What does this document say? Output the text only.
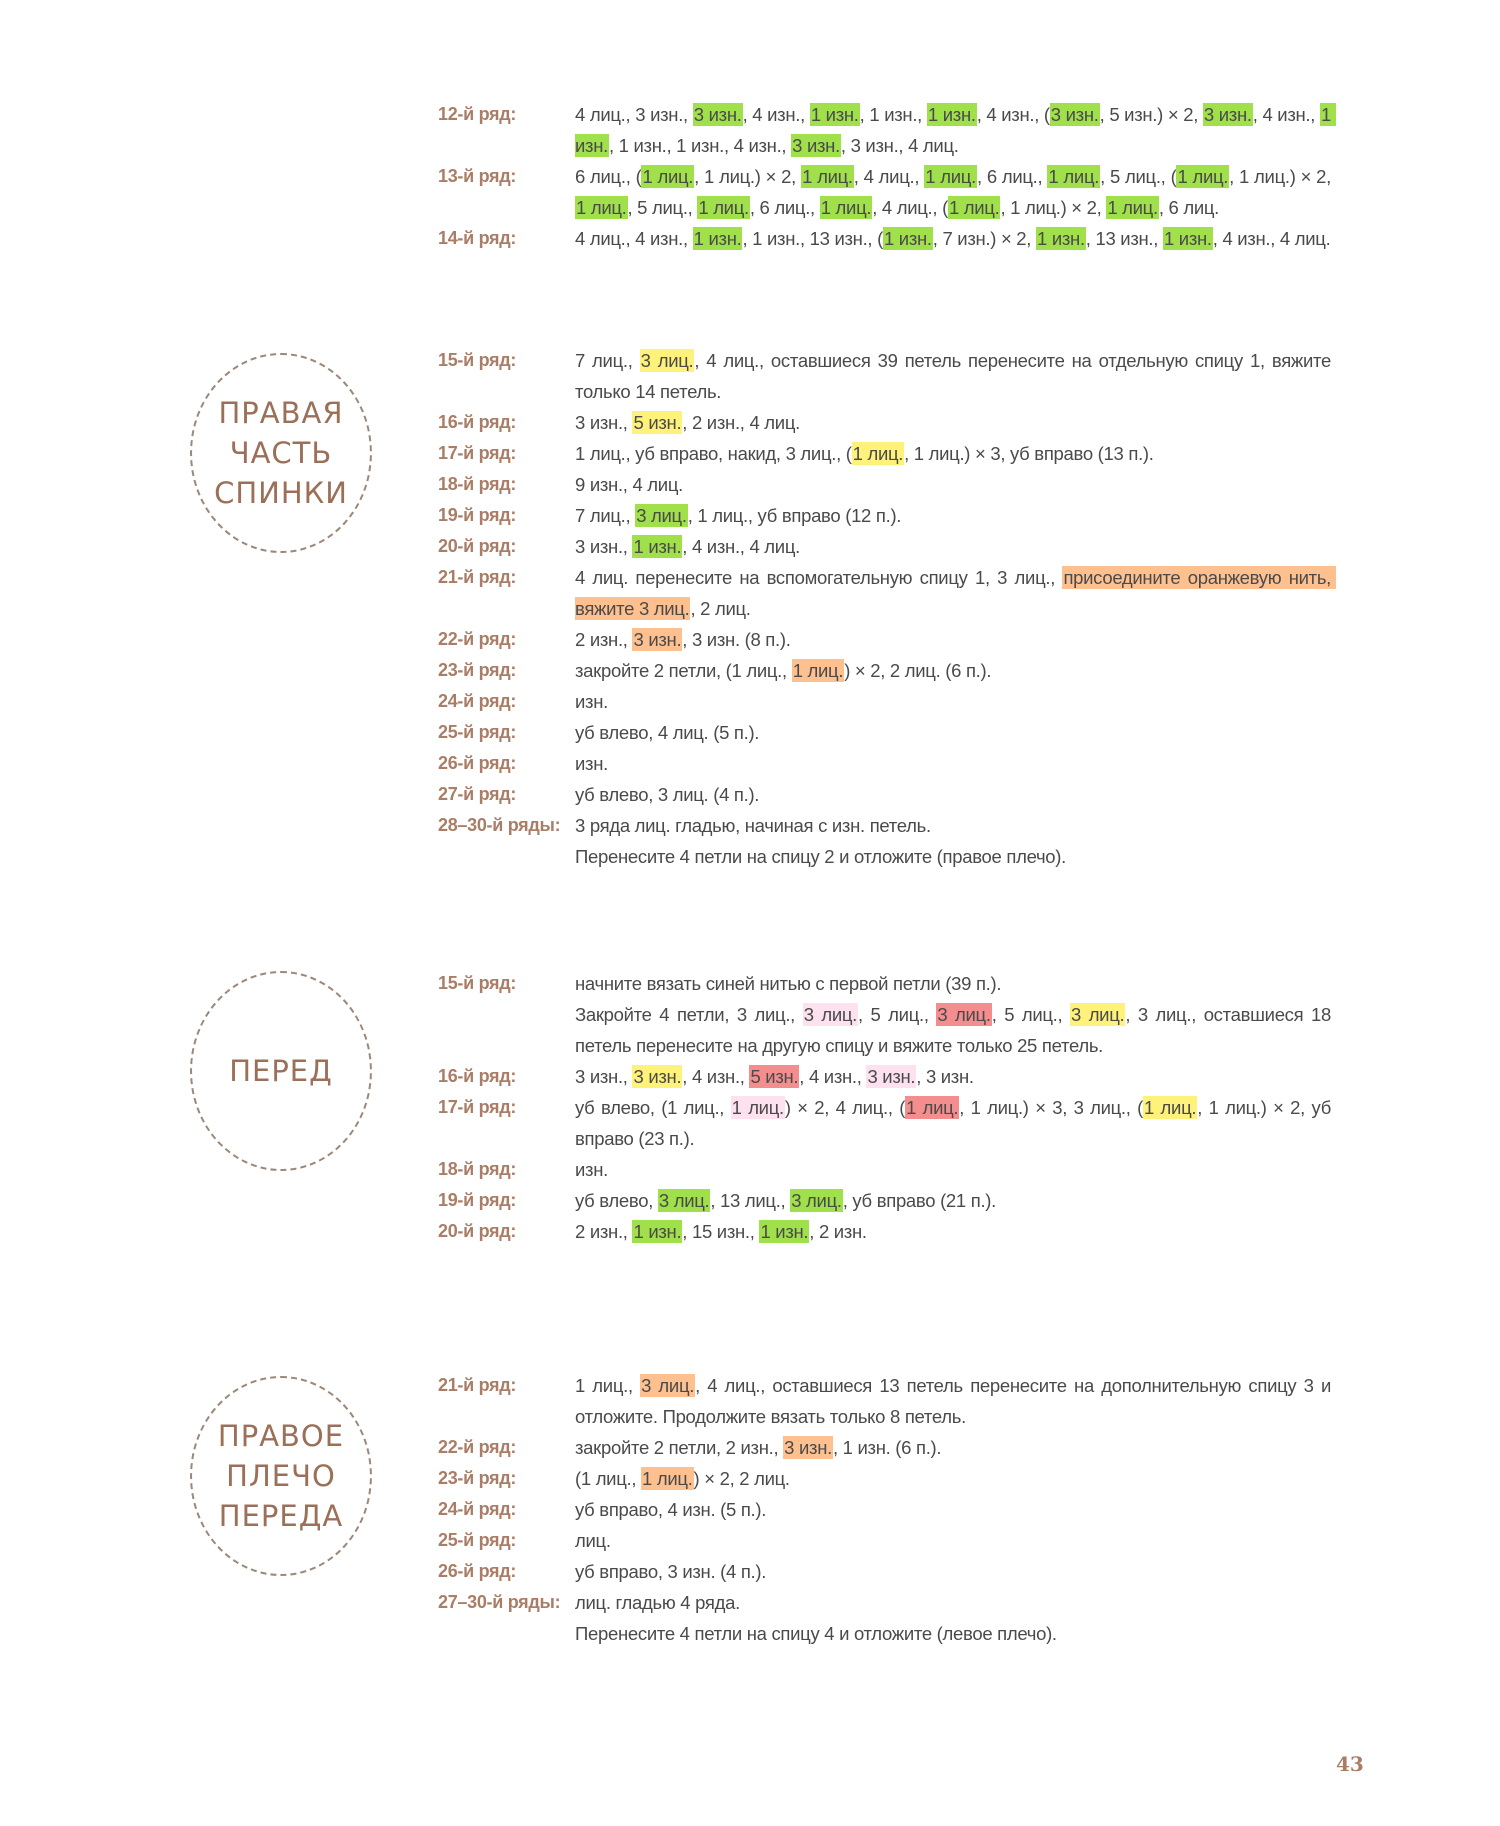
12-й ряд:	4 лиц., 3 изн., 3 изн., 4 изн., 1 изн., 1 изн., 1 изн., 4 изн., (3 изн., 5 изн.) × 2, 3 изн., 4 изн., 1 изн., 1 изн., 1 изн., 4 изн., 3 изн., 3 изн., 4 лиц.
13-й ряд:	6 лиц., (1 лиц., 1 лиц.) × 2, 1 лиц., 4 лиц., 1 лиц., 6 лиц., 1 лиц., 5 лиц., (1 лиц., 1 лиц.) × 2, 1 лиц., 5 лиц., 1 лиц., 6 лиц., 1 лиц., 4 лиц., (1 лиц., 1 лиц.) × 2, 1 лиц., 6 лиц.
14-й ряд:	4 лиц., 4 изн., 1 изн., 1 изн., 13 изн., (1 изн., 7 изн.) × 2, 1 изн., 13 изн., 1 изн., 4 изн., 4 лиц.
ПРАВАЯ
ЧАСТЬ
СПИНКИ
15-й ряд:	7 лиц., 3 лиц., 4 лиц., оставшиеся 39 петель перенесите на отдельную спицу 1, вяжите только 14 петель.
16-й ряд:	3 изн., 5 изн., 2 изн., 4 лиц.
17-й ряд:	1 лиц., уб вправо, накид, 3 лиц., (1 лиц., 1 лиц.) × 3, уб вправо (13 п.).
18-й ряд:	9 изн., 4 лиц.
19-й ряд:	7 лиц., 3 лиц., 1 лиц., уб вправо (12 п.).
20-й ряд:	3 изн., 1 изн., 4 изн., 4 лиц.
21-й ряд:	4 лиц. перенесите на вспомогательную спицу 1, 3 лиц., присоедините оранжевую нить, вяжите 3 лиц., 2 лиц.
22-й ряд:	2 изн., 3 изн., 3 изн. (8 п.).
23-й ряд:	закройте 2 петли, (1 лиц., 1 лиц.) × 2, 2 лиц. (6 п.).
24-й ряд:	изн.
25-й ряд:	уб влево, 4 лиц. (5 п.).
26-й ряд:	изн.
27-й ряд:	уб влево, 3 лиц. (4 п.).
28–30-й ряды: 3 ряда лиц. гладью, начиная с изн. петель.
Перенесите 4 петли на спицу 2 и отложите (правое плечо).
ПЕРЕД
15-й ряд:	начните вязать синей нитью с первой петли (39 п.).
Закройте 4 петли, 3 лиц., 3 лиц., 5 лиц., 3 лиц., 5 лиц., 3 лиц., 3 лиц., оставшиеся 18 петель перенесите на другую спицу и вяжите только 25 петель.
16-й ряд:	3 изн., 3 изн., 4 изн., 5 изн., 4 изн., 3 изн., 3 изн.
17-й ряд:	уб влево, (1 лиц., 1 лиц.) × 2, 4 лиц., (1 лиц., 1 лиц.) × 3, 3 лиц., (1 лиц., 1 лиц.) × 2, уб вправо (23 п.).
18-й ряд:	изн.
19-й ряд:	уб влево, 3 лиц., 13 лиц., 3 лиц., уб вправо (21 п.).
20-й ряд:	2 изн., 1 изн., 15 изн., 1 изн., 2 изн.
ПРАВОЕ
ПЛЕЧО
ПЕРЕДА
21-й ряд:	1 лиц., 3 лиц., 4 лиц., оставшиеся 13 петель перенесите на дополнительную спицу 3 и отложите. Продолжите вязать только 8 петель.
22-й ряд:	закройте 2 петли, 2 изн., 3 изн., 1 изн. (6 п.).
23-й ряд:	(1 лиц., 1 лиц.) × 2, 2 лиц.
24-й ряд:	уб вправо, 4 изн. (5 п.).
25-й ряд:	лиц.
26-й ряд:	уб вправо, 3 изн. (4 п.).
27–30-й ряды: лиц. гладью 4 ряда.
Перенесите 4 петли на спицу 4 и отложите (левое плечо).
43
